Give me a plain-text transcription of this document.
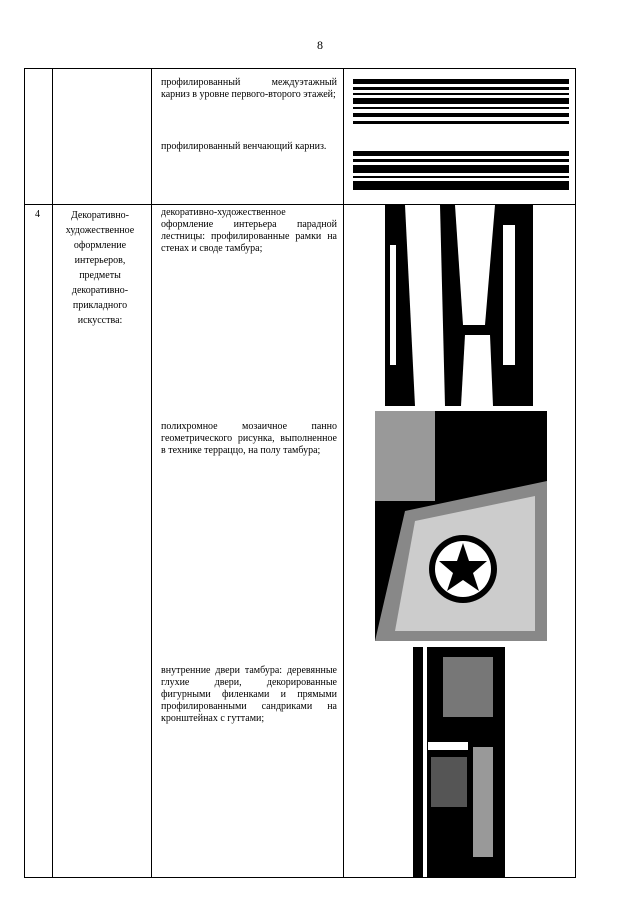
8
профилированный междуэтажный карниз в уровне первого-второго этажей;
профилированный венчающий карниз.
4	Декоративно-художественное оформление интерьеров, предметы декоративно-прикладного искусства:
декоративно-художественное оформление интерьера парадной лестницы: профилированные рамки на стенах и своде тамбура;
полихромное мозаичное панно геометрического рисунка, выполненное в технике терраццо, на полу тамбура;
внутренние двери тамбура: деревянные глухие двери, декорированные фигурными филенками и прямыми профилированными сандриками на кронштейнах с гуттами;
